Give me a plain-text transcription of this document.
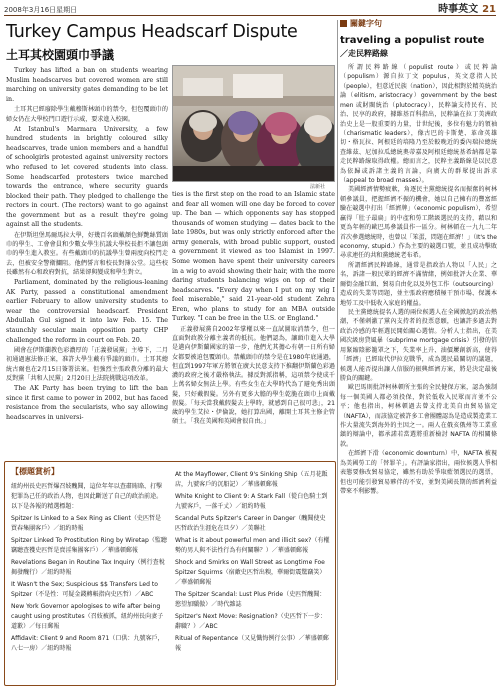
2008年3月16日星期日	時事英文 21
Turkey Campus Headscarf Dispute
土耳其校園頭巾爭議

Turkey has lifted a ban on students wearing Muslim headscarves but covered women are still marching on university gates demanding to be let in.

土耳其已經廢除學生戴穆斯林頭巾的禁令，但包覆頭巾的婦女仍在大學校門口遊行示威，要求進入校園。

At Istanbul's Marmara University, a few hundred students in brightly coloured silky headscarves, trade union members and a handful of schoolgirls protested against university rectors who refused to let covered students into class. Some headscarfed protesters twice marched towards the entrance, where security guards blocked their path. They pledged to challenge the rectors in court. (The rectors) want to go against the government but as a result they're going against all the students.

在伊斯坦堡馬爾馬拉大學，好幾百名頭戴顏色鮮艷絲質頭巾的學生、工會會員和少數女學生抗議大學校長拒不讓包頭巾的學生進入教室。有些戴頭巾的抗議學生曾兩度向校門走去，但被安全警衛攔阻。他們誓言和校長對簿公堂。這些校長雖然有心和政府對抗，結果卻與變成和學生對立。

Parliament, dominated by the religious-leaning AK Party, passed a constitutional amendment earlier February to allow university students to wear the controversial headscarf. President Abdullah Gul signed it into law Feb. 15. The staunchly secular main opposition party CHP challenged the reform in court on Feb. 20.

國會在伊斯蘭教色彩濃厚的「正義發展黨」主導下，二月初通過憲法修正案，准許大學生戴有爭議的頭巾。土耳其總統古爾也在2月15日簽署法案。但強烈主張政教分離的最大反對黨「共和人民黨」2月20日上法院挑戰這項改革。

The AK Party has been trying to lift the ban since it first came to power in 2002, but has faced resistance from the secularists, who say allowing headscarves in universi-

法新社

ties is the first step on the road to an Islamic state and fear all women will one day be forced to cover up. The ban — which opponents say has stopped thousands of women studying — dates back to the late 1980s, but was only strictly enforced after the army generals, with broad public support, ousted a government it viewed as too Islamist in 1997. Some women have spent their university careers in a wig to avoid showing their hair, with the more daring students balancing wigs on top of their headscarves. "Every day when I put on my wig I feel miserable," said 21-year-old student Zehra Eren, who plans to study for an MBA outside Turkey. "I can be free in the U.S. or England."

正義發展黨自2002年掌權以來一直試圖取消禁令，但一直面對政教分離主義者的抵抗。他們認為，讓頭巾進入大學是邁向伊斯蘭國家的第一步，他們尤其擔心有朝一日所有婦女都要被迫包覆頭巾。禁戴頭巾的禁令是在1980年底通過，但直到1997年軍方將領在廣大民意支持下推翻伊斯蘭色彩過濃的政府之後才嚴格執法。據反對派指稱，這項禁令使成千上萬名婦女無法上學。有些女生在大學時代為了避免秀出頭髮，只好戴假髮。另外有更多大膽的學生乾脆在頭巾上面戴假髮。「每天當我戴假髮去上學時，就感到自己很可悲」，21歲的學生艾拉・伊倫說，她打算出國，離開土耳其主修企管碩士。「我在美國和英國會很自由。」

關鍵字句
traveling a populist route
／走民粹路線

所謂民粹路線（populist route）或民粹論（populism）源自拉丁文 populus，英文意指人民（people），但意近民族（nation），因此相對於精英統治論（elitism, aristocracy）government by the best men 或財閥統治（plutocracy），民粹論支持民有、民治、民享的政府，據維基百科指出，民粹論在拉丁美洲政治史上是一股重要的力量，廿世紀後，多位有魅力的領袖（charismatic leaders），像古巴的卡斯楚、革命英雄切・格瓦拉、阿根廷的培隆乃至於較晚近的委內瑞拉總統查維茲、尼加拉瓜總統奧蒂嘉及阿根廷總統基希納都是靠走民粹路線取得政權。總而言之，民粹主義路線是以民意為依歸或訴諸主義的言論，向廣大的群眾提出訴求（appeal to broad masses）。

美國經濟情勢疲軟，角逐民主黨總統提名而振奮的柯林頓參議員，把握經濟不振的機會，她以自己擁有的豐富經驗在競選中打出「經濟牌」（economic populism），希望贏得「肚子最扁」的中產和勞工階級選民的支持，藉以和更為年輕的歐巴馬參議員作一區分。柯林頓在一九九二年首次參選總統時，也曾以「笨蛋，問題在經濟！」（It's the economy, stupid.）作為主要的競選口號，並且成功擊敗尋求連任的共和黨總統老布希。

所謂經濟民粹路線，通常是指政治人物以「人民」之名，訴諸一般民眾的經濟不滿情緒，例如批評大企業、華爾街金融巨頭、貿易自由化以及外包工作（outsourcing）造成的失業等問題，並主張政府應積極干預市場、保護本地勞工及中低收入家庭的權益。

民主黨總統提名人選的兩位候選人在全國掀起的政治熱潮，不僅刺激了黨內支持者的投票意願，也讓許多過去對政治冷感的年輕選民開始關心選情。分析人士指出，在美國次級房貸風暴（subprime mortgage crisis）引發的信用緊縮陰影籠罩之下，失業率上升、油價屢創新高，使得「經濟」已經取代伊拉克戰爭，成為選民最關切的議題，候選人能否提出讓人信服的振興經濟方案，將是決定最後勝負的關鍵。

歐巴馬則批評柯林頓所主張的全民健保方案，認為強制每一個美國人都必須投保，對於低收入民眾而言並不公平；他也指出，柯林頓過去曾支持北美自由貿易協定（NAFTA），而該協定被許多工會團體認為是造成製造業工作大量流失到海外的主因之一。兩人在俄亥俄州等工業重鎮的辯論中，都承諾若當選將重新檢討 NAFTA 的相關條款。

在經濟下滑（economic downturn）中，NAFTA 被視為美國勞工的「替罪羊」。有評論家指出，兩位候選人爭相表態要修改貿易協定，雖然有助於爭取藍領選民的選票，但也可能引發貿易夥伴的不安，並對美國長期的經濟利益帶來不利影響。

【標題賞析】
紐約州長史匹哲爆召妓醜聞，這位年年以查肅賄賂、打擊犯罪為己任的政治人物，也因此斷送了自己的政治前途。以下是各報的精選標題：
Spitzer Is Linked to a Sex Ring as Client（史匹哲是買春集團客戶）／紐約時報
Spitzer Linked To Prostitution Ring by Wiretap（監聽竊聽查獲史匹哲是賣淫集團客戶）／華盛頓郵報
Revelations Began in Routine Tax Inquiry（例行查稅揭發醜行）／紐約時報
It Wasn't the Sex; Suspicious $$ Transfers Led to Spitzer（不是性：可疑金錢轉帳指向史匹哲）／ABC
New York Governor apologises to wife after being caught using prostitutes（召妓被抓，紐約州長向妻子道歉）／每日郵報
Affidavit: Client 9 and Room 871（口供：九號客戶，八七一房）／紐約時報
At the Mayflower, Client 9's Sinking Ship（五月花飯店，九號客戶的沉船記）／華盛頓郵報
White Knight to Client 9: A Stark Fall（從白色騎士到九號客戶，一落千丈）／紐約時報
Scandal Puts Spitzer's Career in Danger（醜聞使史匹哲政治生涯危在旦夕）／美聯社
What is it about powerful men and illicit sex?（有權勢的男人與不法性行為有何關聯？）／華盛頓郵報
Shock and Smirks on Wall Street as Longtime Foe Spitzer Squirms（宿敵史匹哲出糗，華爾街震驚竊笑）／華盛頓郵報
The Spitzer Scandal: Lust Plus Pride（史匹哲醜聞：慾望加驕傲）／時代雜誌
Spitzer's Next Move: Resignation?（史匹哲下一步：辭職？）／ABC
Ritual of Repentance（又見懺悔例行公事）／華盛頓郵報
